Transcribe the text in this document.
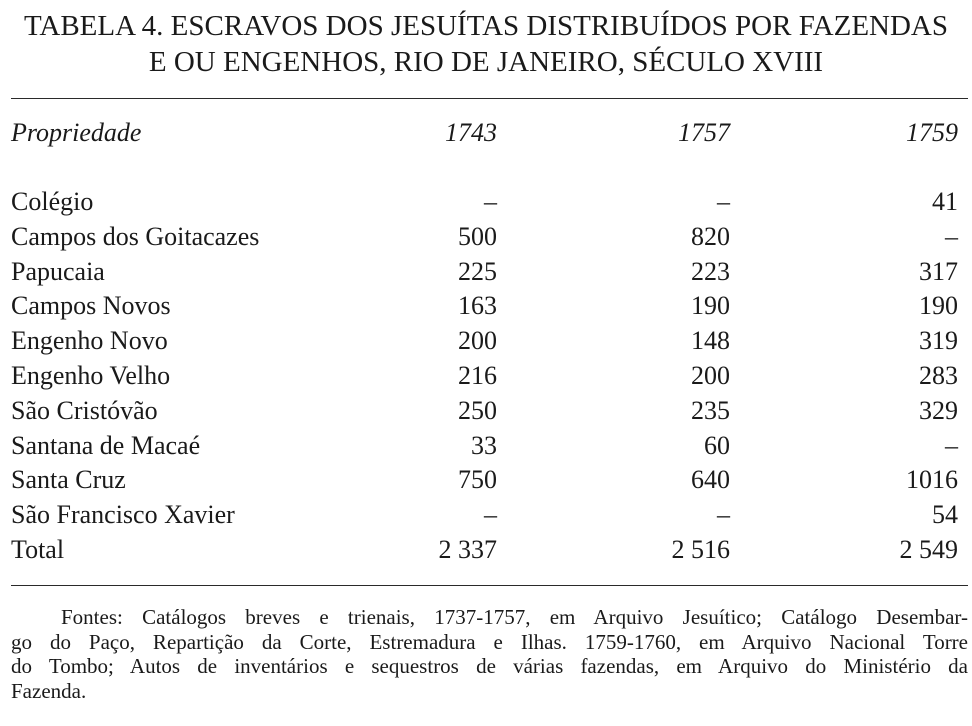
TABELA 4. ESCRAVOS DOS JESUÍTAS DISTRIBUÍDOS POR FAZENDAS
E OU ENGENHOS, RIO DE JANEIRO, SÉCULO XVIII
Propriedade	1743	1757	1759
Colégio	–	–	41
Campos dos Goitacazes	500	820	–
Papucaia	225	223	317
Campos Novos	163	190	190
Engenho Novo	200	148	319
Engenho Velho	216	200	283
São Cristóvão	250	235	329
Santana de Macaé	33	60	–
Santa Cruz	750	640	1016
São Francisco Xavier	–	–	54
Total	2 337	2 516	2 549
Fontes: Catálogos breves e trienais, 1737-1757, em Arquivo Jesuítico; Catálogo Desembar-
go do Paço, Repartição da Corte, Estremadura e Ilhas. 1759-1760, em Arquivo Nacional Torre
do Tombo; Autos de inventários e sequestros de várias fazendas, em Arquivo do Ministério da
Fazenda.
